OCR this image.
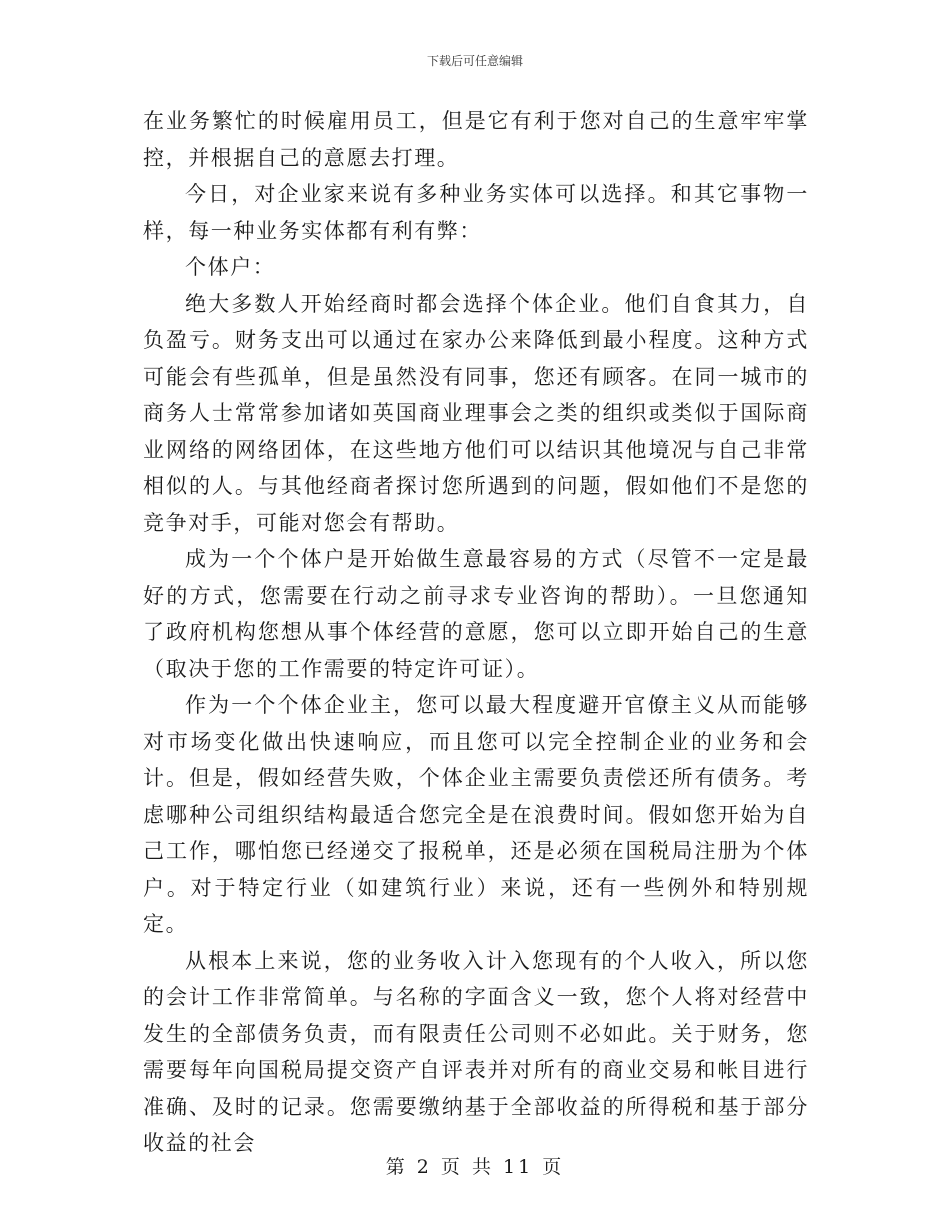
下载后可任意编辑

在业务繁忙的时候雇用员工，但是它有利于您对自己的生意牢牢掌控，并根据自己的意愿去打理。

今日，对企业家来说有多种业务实体可以选择。和其它事物一样，每一种业务实体都有利有弊：

个体户：

绝大多数人开始经商时都会选择个体企业。他们自食其力，自负盈亏。财务支出可以通过在家办公来降低到最小程度。这种方式可能会有些孤单，但是虽然没有同事，您还有顾客。在同一城市的商务人士常常参加诸如英国商业理事会之类的组织或类似于国际商业网络的网络团体，在这些地方他们可以结识其他境况与自己非常相似的人。与其他经商者探讨您所遇到的问题，假如他们不是您的竞争对手，可能对您会有帮助。

成为一个个体户是开始做生意最容易的方式（尽管不一定是最好的方式，您需要在行动之前寻求专业咨询的帮助）。一旦您通知了政府机构您想从事个体经营的意愿，您可以立即开始自己的生意（取决于您的工作需要的特定许可证）。

作为一个个体企业主，您可以最大程度避开官僚主义从而能够对市场变化做出快速响应，而且您可以完全控制企业的业务和会计。但是，假如经营失败，个体企业主需要负责偿还所有债务。考虑哪种公司组织结构最适合您完全是在浪费时间。假如您开始为自己工作，哪怕您已经递交了报税单，还是必须在国税局注册为个体户。对于特定行业（如建筑行业）来说，还有一些例外和特别规定。

从根本上来说，您的业务收入计入您现有的个人收入，所以您的会计工作非常简单。与名称的字面含义一致，您个人将对经营中发生的全部债务负责，而有限责任公司则不必如此。关于财务，您需要每年向国税局提交资产自评表并对所有的商业交易和帐目进行准确、及时的记录。您需要缴纳基于全部收益的所得税和基于部分收益的社会

第 2 页 共 11 页
